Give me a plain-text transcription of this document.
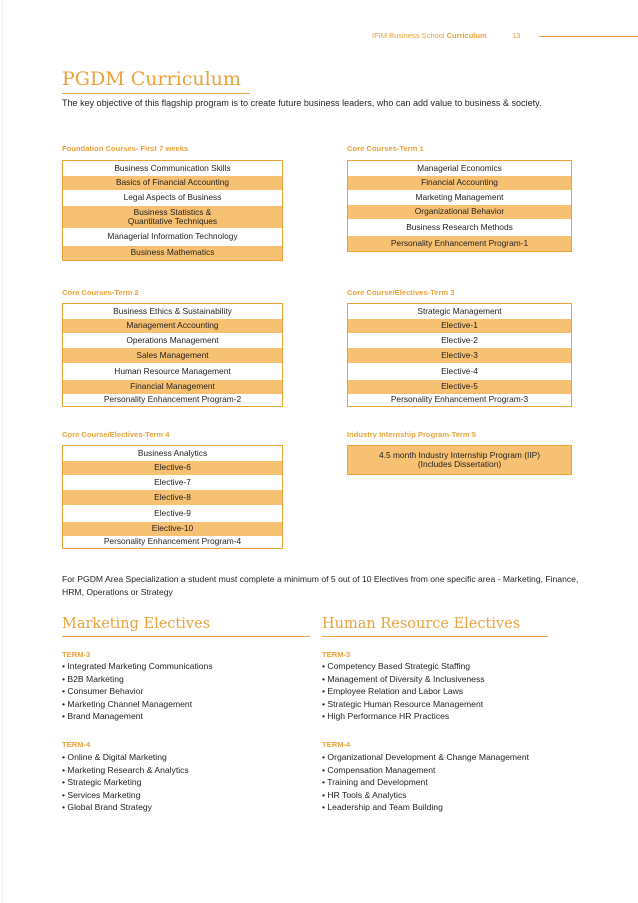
IFIM Business School Curriculum	13
PGDM Curriculum
The key objective of this flagship program is to create future business leaders, who can add value to business & society.
Foundation Courses- First 7 weeks
Business Communication Skills
Basics of Financial Accounting
Legal Aspects of Business
Business Statistics &
Quantitative Techniques
Managerial Information Technology
Business Mathematics
Core Courses-Term 1
Managerial Economics
Financial Accounting
Marketing Management
Organizational Behavior
Business Research Methods
Personality Enhancement Program-1
Core Courses-Term 2
Business Ethics & Sustainability
Management Accounting
Operations Management
Sales Management
Human Resource Management
Financial Management
Personality Enhancement Program-2
Core Course/Electives-Term 3
Strategic Management
Elective-1
Elective-2
Elective-3
Elective-4
Elective-5
Personality Enhancement Program-3
Core Course/Electives-Term 4
Business Analytics
Elective-6
Elective-7
Elective-8
Elective-9
Elective-10
Personality Enhancement Program-4
Industry Internship Program-Term 5
4.5 month Industry Internship Program (IIP)
(Includes Dissertation)
For PGDM Area Specialization a student must complete a minimum of 5 out of 10 Electives from one specific area - Marketing, Finance, HRM, Operations or Strategy
Marketing Electives
TERM-3
• Integrated Marketing Communications
• B2B Marketing
• Consumer Behavior
• Marketing Channel Management
• Brand Management
TERM-4
• Online & Digital Marketing
• Marketing Research & Analytics
• Strategic Marketing
• Services Marketing
• Global Brand Strategy
Human Resource Electives
TERM-3
• Competency Based Strategic Staffing
• Management of Diversity & Inclusiveness
• Employee Relation and Labor Laws
• Strategic Human Resource Management
• High Performance HR Practices
TERM-4
• Organizational Development & Change Management
• Compensation Management
• Training and Development
• HR Tools & Analytics
• Leadership and Team Building
